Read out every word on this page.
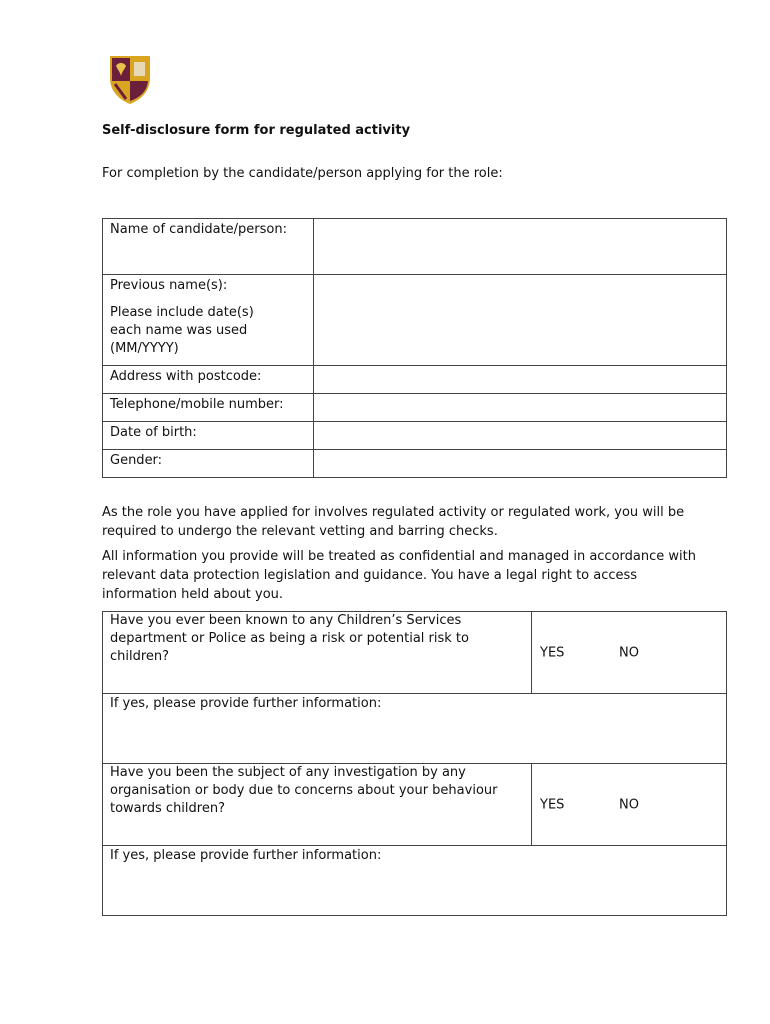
Self-disclosure form for regulated activity
For completion by the candidate/person applying for the role:

Name of candidate/person:	

Previous name(s):

Please include date(s) each name was used (MM/YYYY)	

Address with postcode:	

Telephone/mobile number:	

Date of birth:	

Gender:	

As the role you have applied for involves regulated activity or regulated work, you will be required to undergo the relevant vetting and barring checks.
All information you provide will be treated as confidential and managed in accordance with relevant data protection legislation and guidance. You have a legal right to access information held about you.
Have you ever been known to any Children’s Services department or Police as being a risk or potential risk to children?	YES NO

If yes, please provide further information:	

Have you been the subject of any investigation by any organisation or body due to concerns about your behaviour towards children?	YES NO

If yes, please provide further information:	
